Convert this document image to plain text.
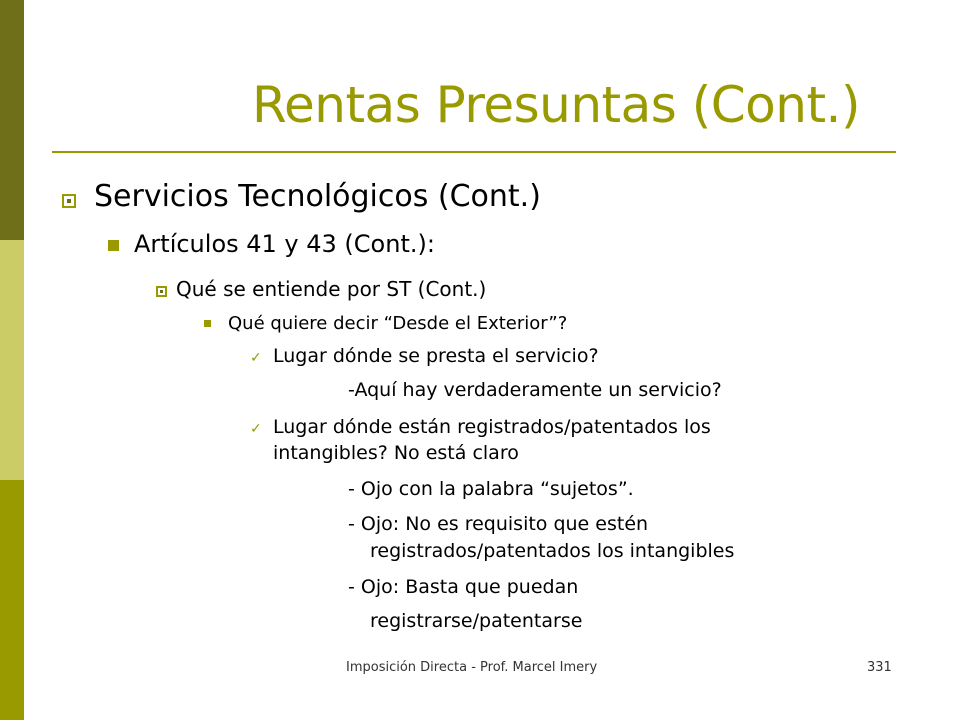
Rentas Presuntas (Cont.)
Servicios Tecnológicos (Cont.)
Artículos 41 y 43 (Cont.):
Qué se entiende por ST (Cont.)
Qué quiere decir “Desde el Exterior”?
✓ Lugar dónde se presta el servicio?
-Aquí hay verdaderamente un servicio?
✓ Lugar dónde están registrados/patentados los
intangibles? No está claro
- Ojo con la palabra “sujetos”.
- Ojo: No es requisito que estén
registrados/patentados los intangibles
- Ojo: Basta que puedan
registrarse/patentarse
Imposición Directa - Prof. Marcel Imery	331
